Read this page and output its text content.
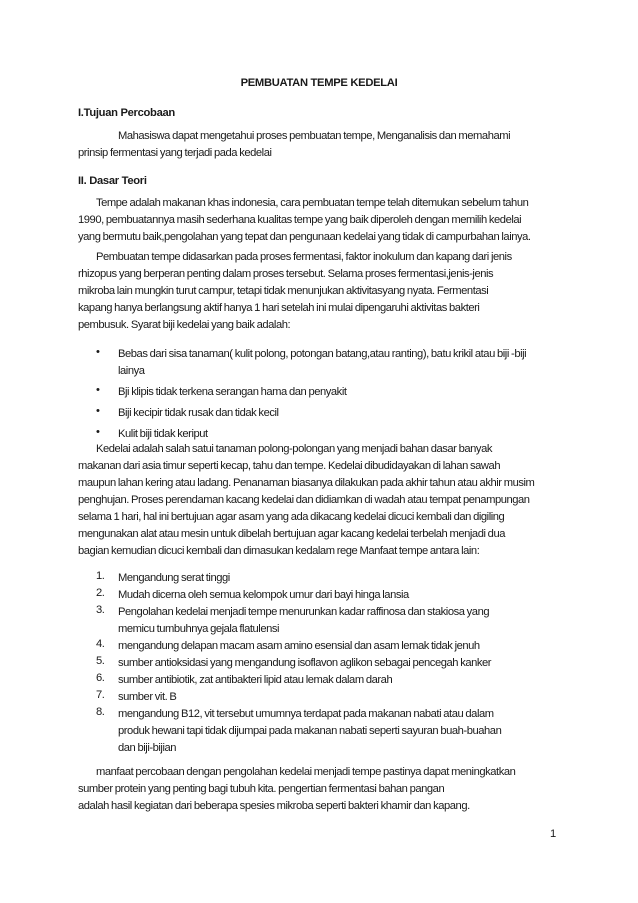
PEMBUATAN TEMPE KEDELAI
I.Tujuan Percobaan
Mahasiswa dapat mengetahui proses pembuatan tempe, Menganalisis dan memahami
prinsip fermentasi yang terjadi pada kedelai
II. Dasar Teori
Tempe adalah makanan khas indonesia, cara pembuatan tempe telah ditemukan sebelum tahun
1990, pembuatannya masih sederhana kualitas tempe yang baik diperoleh dengan memilih kedelai
yang bermutu baik,pengolahan yang tepat dan pengunaan kedelai yang tidak di campurbahan lainya.
Pembuatan tempe didasarkan pada proses fermentasi, faktor inokulum dan kapang dari jenis
rhizopus yang berperan penting dalam proses tersebut. Selama proses fermentasi,jenis-jenis
mikroba lain mungkin turut campur, tetapi tidak menunjukan aktivitasyang nyata. Fermentasi
kapang hanya berlangsung aktif hanya 1 hari setelah ini mulai dipengaruhi aktivitas bakteri
pembusuk. Syarat biji kedelai yang baik adalah:
• Bebas dari sisa tanaman( kulit polong, potongan batang,atau ranting), batu krikil atau biji -biji
lainya
• Bji klipis tidak terkena serangan hama dan penyakit
• Biji kecipir tidak rusak dan tidak kecil
• Kulit biji tidak keriput
Kedelai adalah salah satui tanaman polong-polongan yang menjadi bahan dasar banyak
makanan dari asia timur seperti kecap, tahu dan tempe. Kedelai dibudidayakan di lahan sawah
maupun lahan kering atau ladang. Penanaman biasanya dilakukan pada akhir tahun atau akhir musim
penghujan. Proses perendaman kacang kedelai dan didiamkan di wadah atau tempat penampungan
selama 1 hari, hal ini bertujuan agar asam yang ada dikacang kedelai dicuci kembali dan digiling
mengunakan alat atau mesin untuk dibelah bertujuan agar kacang kedelai terbelah menjadi dua
bagian kemudian dicuci kembali dan dimasukan kedalam rege Manfaat tempe antara lain:
1. Mengandung serat tinggi
2. Mudah dicerna oleh semua kelompok umur dari bayi hinga lansia
3. Pengolahan kedelai menjadi tempe menurunkan kadar raffinosa dan stakiosa yang
memicu tumbuhnya gejala flatulensi
4. mengandung delapan macam asam amino esensial dan asam lemak tidak jenuh
5. sumber antioksidasi yang mengandung isoflavon aglikon sebagai pencegah kanker
6. sumber antibiotik, zat antibakteri lipid atau lemak dalam darah
7. sumber vit. B
8. mengandung B12, vit tersebut umumnya terdapat pada makanan nabati atau dalam
produk hewani tapi tidak dijumpai pada makanan nabati seperti sayuran buah-buahan
dan biji-bijian
manfaat percobaan dengan pengolahan kedelai menjadi tempe pastinya dapat meningkatkan
sumber protein yang penting bagi tubuh kita. pengertian fermentasi bahan pangan
adalah hasil kegiatan dari beberapa spesies mikroba seperti bakteri khamir dan kapang.
1
